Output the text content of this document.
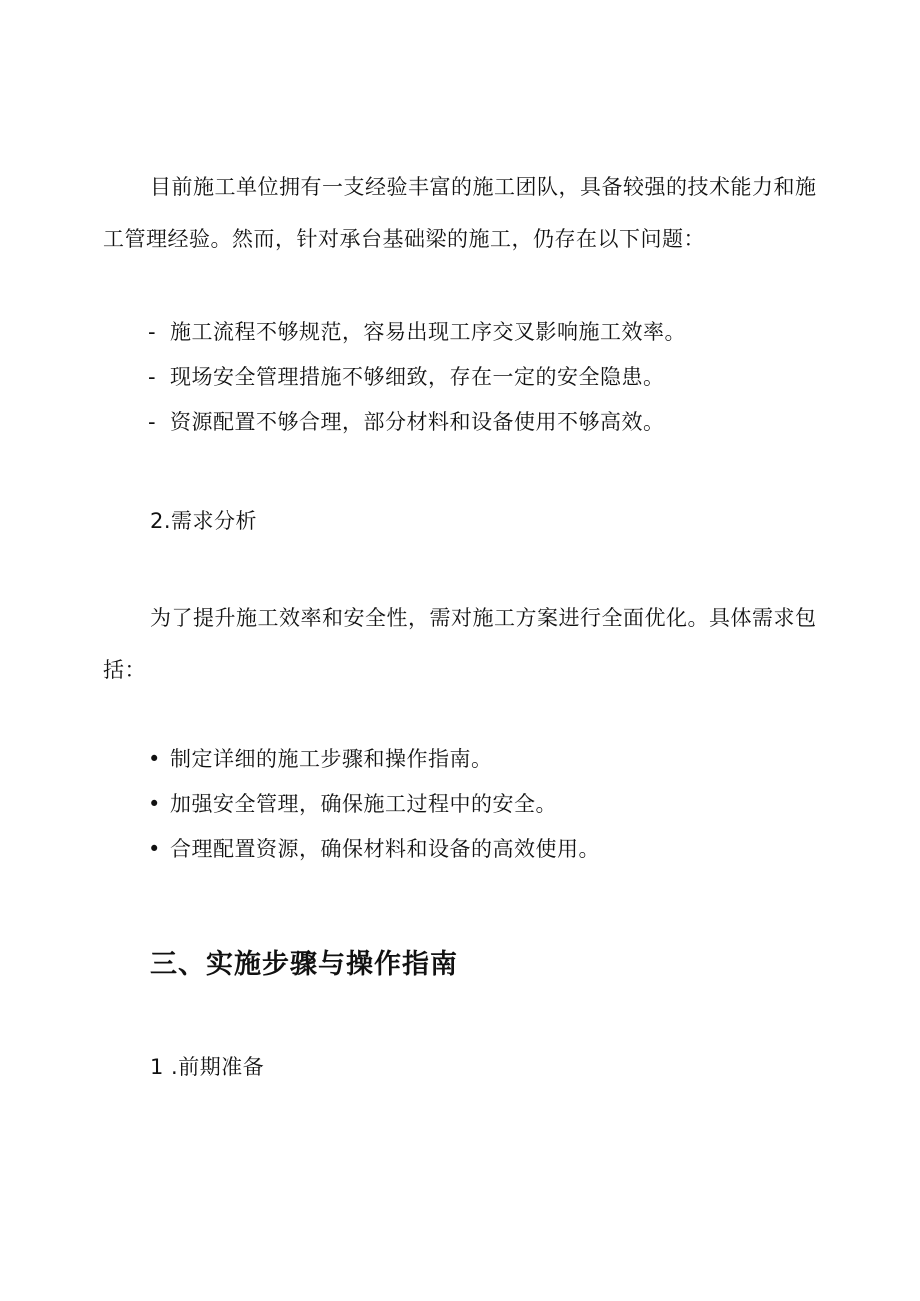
目前施工单位拥有一支经验丰富的施工团队，具备较强的技术能力和施工管理经验。然而，针对承台基础梁的施工，仍存在以下问题：

- 施工流程不够规范，容易出现工序交叉影响施工效率。
- 现场安全管理措施不够细致，存在一定的安全隐患。
- 资源配置不够合理，部分材料和设备使用不够高效。

2.需求分析

为了提升施工效率和安全性，需对施工方案进行全面优化。具体需求包括：

• 制定详细的施工步骤和操作指南。
• 加强安全管理，确保施工过程中的安全。
• 合理配置资源，确保材料和设备的高效使用。
三、实施步骤与操作指南

1 .前期准备
